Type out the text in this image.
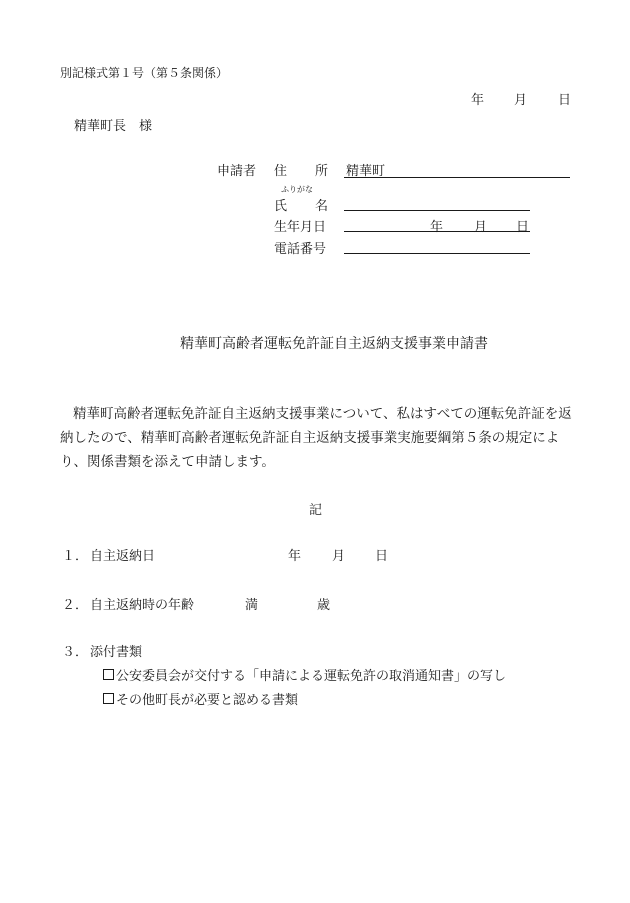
別記様式第１号（第５条関係）
年 月 日
精華町長　様
申請者 住 所 精華町
ふりがな
氏 名
生年月日	年 月 日
電話番号
精華町高齢者運転免許証自主返納支援事業申請書
精華町高齢者運転免許証自主返納支援事業について、私はすべての運転免許証を返納したので、精華町高齢者運転免許証自主返納支援事業実施要綱第５条の規定により、関係書類を添えて申請します。
記
１． 自主返納日	年 月 日
２． 自主返納時の年齢	満	歳
３． 添付書類
公安委員会が交付する「申請による運転免許の取消通知書」の写し
その他町長が必要と認める書類
